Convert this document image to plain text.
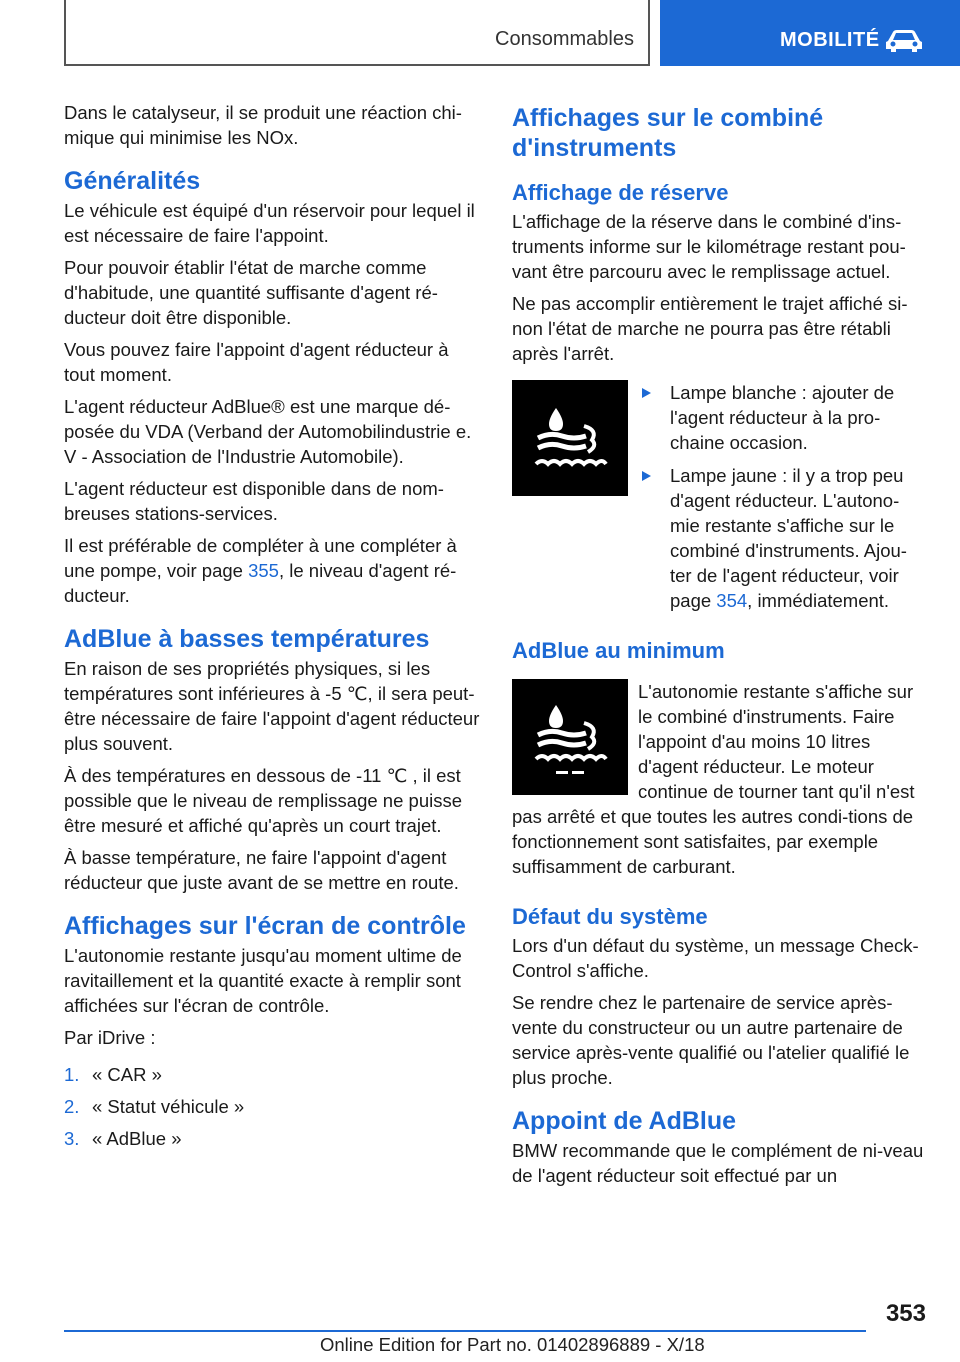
Consommables	MOBILITÉ

Dans le catalyseur, il se produit une réaction chi-mique qui minimise les NOx.

Généralités

Le véhicule est équipé d'un réservoir pour lequel il est nécessaire de faire l'appoint.

Pour pouvoir établir l'état de marche comme d'habitude, une quantité suffisante d'agent ré-ducteur doit être disponible.

Vous pouvez faire l'appoint d'agent réducteur à tout moment.

L'agent réducteur AdBlue® est une marque dé-posée du VDA (Verband der Automobilindustrie e. V - Association de l'Industrie Automobile).

L'agent réducteur est disponible dans de nom-breuses stations-services.

Il est préférable de compléter à une compléter à une pompe, voir page 355, le niveau d'agent ré-ducteur.

AdBlue à basses températures

En raison de ses propriétés physiques, si les températures sont inférieures à -5 ℃, il sera peut-être nécessaire de faire l'appoint d'agent réducteur plus souvent.

À des températures en dessous de -11 ℃ , il est possible que le niveau de remplissage ne puisse être mesuré et affiché qu'après un court trajet.

À basse température, ne faire l'appoint d'agent réducteur que juste avant de se mettre en route.

Affichages sur l'écran de contrôle

L'autonomie restante jusqu'au moment ultime de ravitaillement et la quantité exacte à remplir sont affichées sur l'écran de contrôle.

Par iDrive :

1. « CAR »
2. « Statut véhicule »
3. « AdBlue »
Affichages sur le combiné d'instruments
Affichage de réserve

L'affichage de la réserve dans le combiné d'ins-truments informe sur le kilométrage restant pou-vant être parcouru avec le remplissage actuel.

Ne pas accomplir entièrement le trajet affiché si-non l'état de marche ne pourra pas être rétabli après l'arrêt.

Lampe blanche : ajouter de l'agent réducteur à la pro-chaine occasion.
Lampe jaune : il y a trop peu d'agent réducteur. L'autono-mie restante s'affiche sur le combiné d'instruments. Ajou-ter de l'agent réducteur, voir page 354, immédiatement.
AdBlue au minimum

L'autonomie restante s'affiche sur le combiné d'instruments. Faire l'appoint d'au moins 10 litres d'agent réducteur. Le moteur continue de tourner tant qu'il n'est pas arrêté et que toutes les autres condi-tions de fonctionnement sont satisfaites, par exemple suffisamment de carburant.

Défaut du système

Lors d'un défaut du système, un message Check-Control s'affiche.

Se rendre chez le partenaire de service après-vente du constructeur ou un autre partenaire de service après-vente qualifié ou l'atelier qualifié le plus proche.

Appoint de AdBlue

BMW recommande que le complément de ni-veau de l'agent réducteur soit effectué par un

353
Online Edition for Part no. 01402896889 - X/18
